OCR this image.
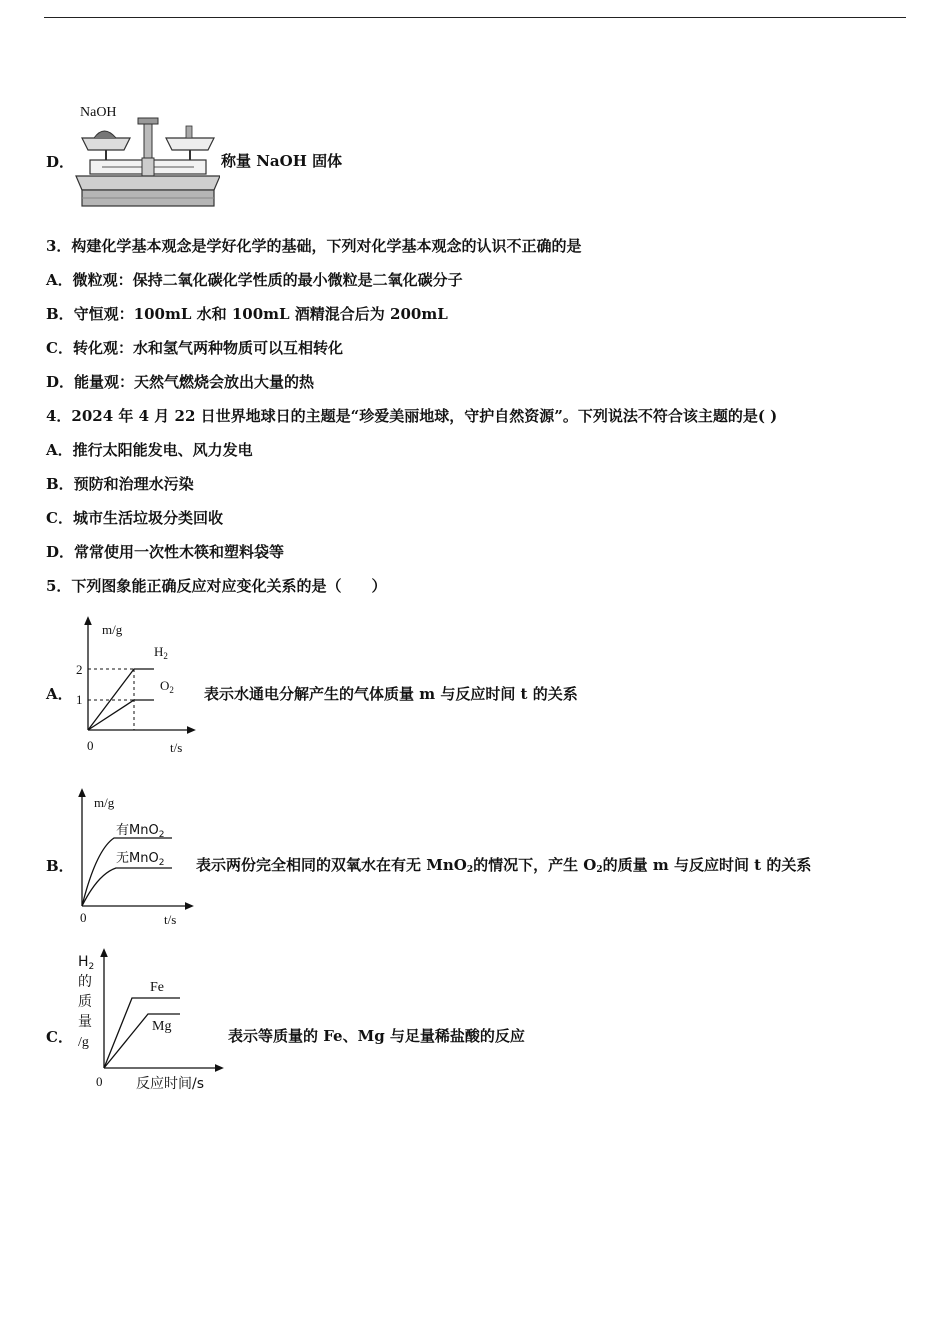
D．
NaOH
称量 NaOH 固体
3．构建化学基本观念是学好化学的基础，下列对化学基本观念的认识不正确的是
A．微粒观：保持二氧化碳化学性质的最小微粒是二氧化碳分子
B．守恒观：100mL 水和 100mL 酒精混合后为 200mL
C．转化观：水和氢气两种物质可以互相转化
D．能量观：天然气燃烧会放出大量的热
4．2024 年 4 月 22 日世界地球日的主题是“珍爱美丽地球，守护自然资源”。下列说法不符合该主题的是( )
A．推行太阳能发电、风力发电
B．预防和治理水污染
C．城市生活垃圾分类回收
D．常常使用一次性木筷和塑料袋等
5．下列图象能正确反应对应变化关系的是（　　）
A．
m/g
t/s
0
2
1
$H_2$
$O_2$ 表示水通电分解产生的气体质量 m 与反应时间 t 的关系
B．
m/g
t/s
0
有MnO$_2$
无MnO$_2$ 表示两份完全相同的双氧水在有无 MnO$_2$的情况下，产生 $O_2$的质量 m 与反应时间 t 的关系
C．
$H_2$
的
质
量
/g
0 反应时间/s
Fe
Mg
表示等质量的 Fe、Mg 与足量稀盐酸的反应
